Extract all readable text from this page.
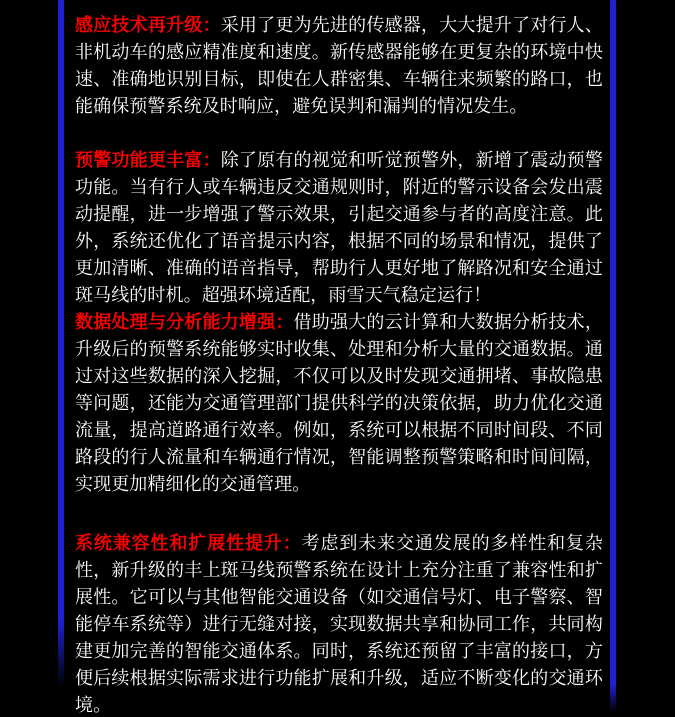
感应技术再升级：采用了更为先进的传感器，大大提升了对行人、非机动车的感应精准度和速度。新传感器能够在更复杂的环境中快速、准确地识别目标，即使在人群密集、车辆往来频繁的路口，也能确保预警系统及时响应，避免误判和漏判的情况发生。

预警功能更丰富：除了原有的视觉和听觉预警外，新增了震动预警功能。当有行人或车辆违反交通规则时，附近的警示设备会发出震动提醒，进一步增强了警示效果，引起交通参与者的高度注意。此外，系统还优化了语音提示内容，根据不同的场景和情况，提供了更加清晰、准确的语音指导，帮助行人更好地了解路况和安全通过斑马线的时机。超强环境适配，雨雪天气稳定运行！

数据处理与分析能力增强：借助强大的云计算和大数据分析技术，升级后的预警系统能够实时收集、处理和分析大量的交通数据。通过对这些数据的深入挖掘，不仅可以及时发现交通拥堵、事故隐患等问题，还能为交通管理部门提供科学的决策依据，助力优化交通流量，提高道路通行效率。例如，系统可以根据不同时间段、不同路段的行人流量和车辆通行情况，智能调整预警策略和时间间隔，实现更加精细化的交通管理。

系统兼容性和扩展性提升：考虑到未来交通发展的多样性和复杂性，新升级的丰上斑马线预警系统在设计上充分注重了兼容性和扩展性。它可以与其他智能交通设备（如交通信号灯、电子警察、智能停车系统等）进行无缝对接，实现数据共享和协同工作，共同构建更加完善的智能交通体系。同时，系统还预留了丰富的接口，方便后续根据实际需求进行功能扩展和升级，适应不断变化的交通环境。
